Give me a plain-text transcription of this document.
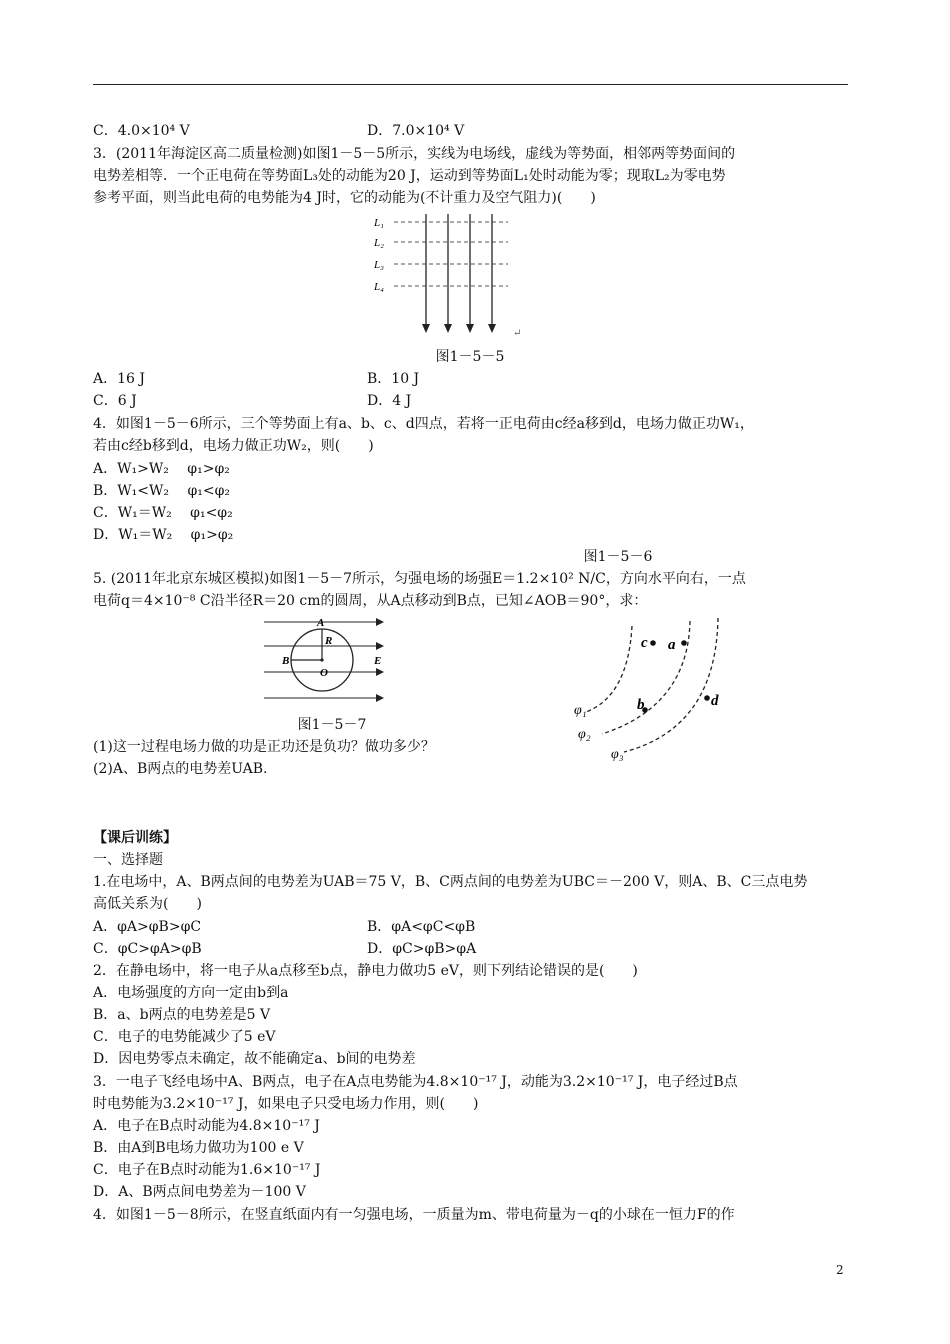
C．4.0×10⁴ V	D．7.0×10⁴ V
3．(2011年海淀区高二质量检测)如图1－5－5所示，实线为电场线，虚线为等势面，相邻两等势面间的
电势差相等．一个正电荷在等势面L₃处的动能为20 J，运动到等势面L₁处时动能为零；现取L₂为零电势
参考平面，则当此电荷的电势能为4 J时，它的动能为(不计重力及空气阻力)(　　)
L₁
L₂
L₃
L₄
↵
图1－5－5
A．16 J	B．10 J
C．6 J	D．4 J
4．如图1－5－6所示，三个等势面上有a、b、c、d四点，若将一正电荷由c经a移到d，电场力做正功W₁，
若由c经b移到d，电场力做正功W₂，则(　　)
A．W₁>W₂　 φ₁>φ₂
B．W₁<W₂　 φ₁<φ₂
C．W₁＝W₂　 φ₁<φ₂
D．W₁＝W₂　 φ₁>φ₂
图1－5－6
5. (2011年北京东城区模拟)如图1－5－7所示，匀强电场的场强E＝1.2×10² N/C，方向水平向右，一点
电荷q＝4×10⁻⁸ C沿半径R＝20 cm的圆周，从A点移动到B点，已知∠AOB＝90°，求：
A
R
B
O
E
图1－5－7
c a
b	d
φ₁
φ₂
φ₃
(1)这一过程电场力做的功是正功还是负功？做功多少？
(2)A、B两点的电势差UAB.
【课后训练】
一、选择题
1.在电场中，A、B两点间的电势差为UAB＝75 V，B、C两点间的电势差为UBC＝－200 V，则A、B、C三点电势
高低关系为(　　)
A．φA>φB>φC	B．φA<φC<φB
C．φC>φA>φB	D．φC>φB>φA
2．在静电场中，将一电子从a点移至b点，静电力做功5 eV，则下列结论错误的是(　　)
A．电场强度的方向一定由b到a
B．a、b两点的电势差是5 V
C．电子的电势能减少了5 eV
D．因电势零点未确定，故不能确定a、b间的电势差
3．一电子飞经电场中A、B两点，电子在A点电势能为4.8×10⁻¹⁷ J，动能为3.2×10⁻¹⁷ J，电子经过B点
时电势能为3.2×10⁻¹⁷ J，如果电子只受电场力作用，则(　　)
A．电子在B点时动能为4.8×10⁻¹⁷ J
B．由A到B电场力做功为100 e V
C．电子在B点时动能为1.6×10⁻¹⁷ J
D．A、B两点间电势差为－100 V
4．如图1－5－8所示，在竖直纸面内有一匀强电场，一质量为m、带电荷量为－q的小球在一恒力F的作
2
